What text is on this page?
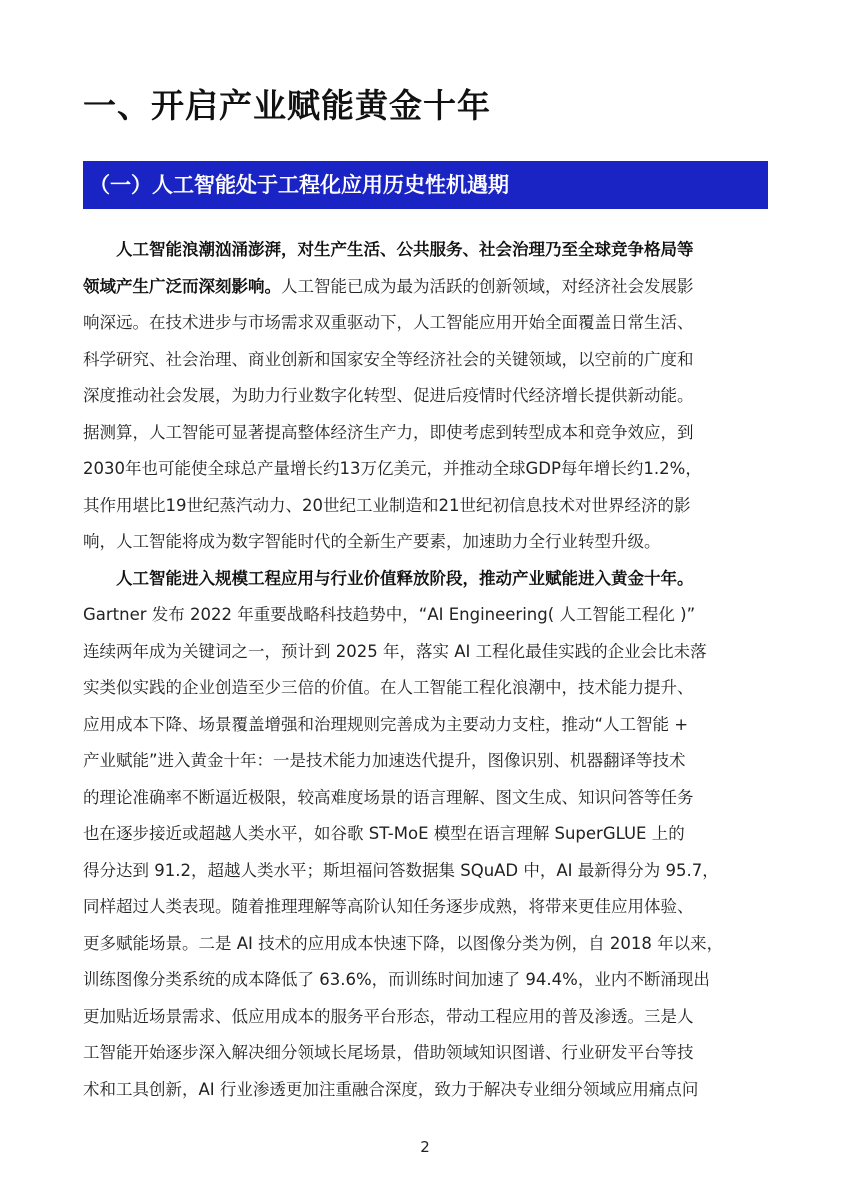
一、开启产业赋能黄金十年
（一）人工智能处于工程化应用历史性机遇期
人工智能浪潮汹涌澎湃，对生产生活、公共服务、社会治理乃至全球竞争格局等
领域产生广泛而深刻影响。人工智能已成为最为活跃的创新领域，对经济社会发展影
响深远。在技术进步与市场需求双重驱动下，人工智能应用开始全面覆盖日常生活、
科学研究、社会治理、商业创新和国家安全等经济社会的关键领域，以空前的广度和
深度推动社会发展，为助力行业数字化转型、促进后疫情时代经济增长提供新动能。
据测算，人工智能可显著提高整体经济生产力，即使考虑到转型成本和竞争效应，到
2030年也可能使全球总产量增长约13万亿美元，并推动全球GDP每年增长约1.2%，
其作用堪比19世纪蒸汽动力、20世纪工业制造和21世纪初信息技术对世界经济的影
响，人工智能将成为数字智能时代的全新生产要素，加速助力全行业转型升级。
人工智能进入规模工程应用与行业价值释放阶段，推动产业赋能进入黄金十年。
Gartner 发布 2022 年重要战略科技趋势中，“AI Engineering( 人工智能工程化 )”
连续两年成为关键词之一，预计到 2025 年，落实 AI 工程化最佳实践的企业会比未落
实类似实践的企业创造至少三倍的价值。在人工智能工程化浪潮中，技术能力提升、
应用成本下降、场景覆盖增强和治理规则完善成为主要动力支柱，推动“人工智能 +
产业赋能”进入黄金十年：一是技术能力加速迭代提升，图像识别、机器翻译等技术
的理论准确率不断逼近极限，较高难度场景的语言理解、图文生成、知识问答等任务
也在逐步接近或超越人类水平，如谷歌 ST-MoE 模型在语言理解 SuperGLUE 上的
得分达到 91.2，超越人类水平；斯坦福问答数据集 SQuAD 中，AI 最新得分为 95.7，
同样超过人类表现。随着推理理解等高阶认知任务逐步成熟，将带来更佳应用体验、
更多赋能场景。二是 AI 技术的应用成本快速下降，以图像分类为例，自 2018 年以来，
训练图像分类系统的成本降低了 63.6%，而训练时间加速了 94.4%，业内不断涌现出
更加贴近场景需求、低应用成本的服务平台形态，带动工程应用的普及渗透。三是人
工智能开始逐步深入解决细分领域长尾场景，借助领域知识图谱、行业研发平台等技
术和工具创新，AI 行业渗透更加注重融合深度，致力于解决专业细分领域应用痛点问
2
